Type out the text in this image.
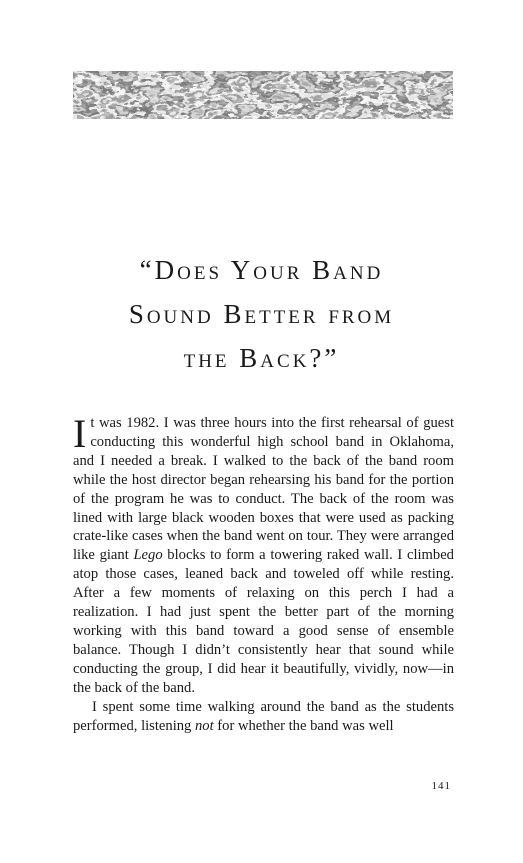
“Does Your Band
Sound Better from
the Back?”

It was 1982. I was three hours into the first rehearsal of guest conducting this wonderful high school band in Oklahoma, and I needed a break. I walked to the back of the band room while the host director began rehearsing his band for the portion of the program he was to conduct. The back of the room was lined with large black wooden boxes that were used as packing crate-like cases when the band went on tour. They were arranged like giant Lego blocks to form a towering raked wall. I climbed atop those cases, leaned back and toweled off while resting. After a few moments of relaxing on this perch I had a realization. I had just spent the better part of the morning working with this band toward a good sense of ensemble balance. Though I didn’t consistently hear that sound while conducting the group, I did hear it beautifully, vividly, now—in the back of the band.

I spent some time walking around the band as the students performed, listening not for whether the band was well

141
